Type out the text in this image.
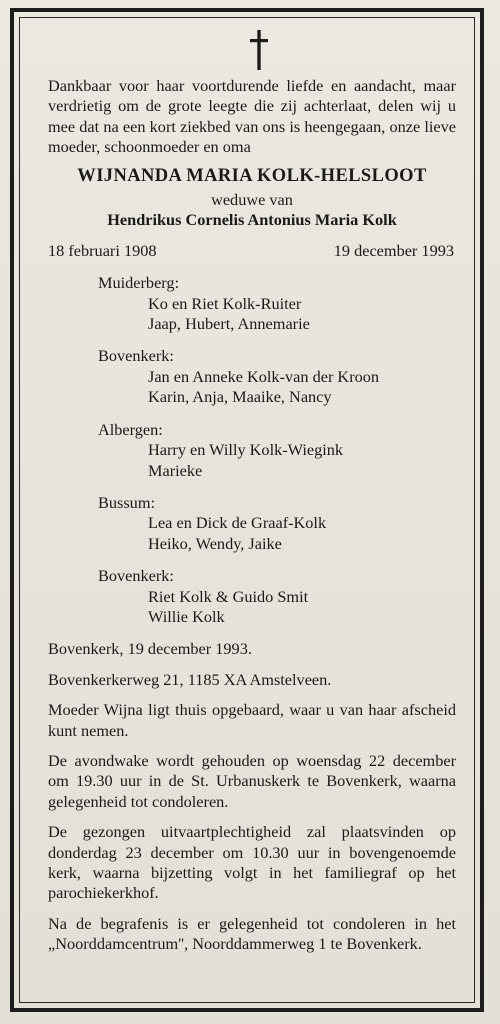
Dankbaar voor haar voortdurende liefde en aandacht, maar verdrietig om de grote leegte die zij achterlaat, delen wij u mee dat na een kort ziekbed van ons is heengegaan, onze lieve moeder, schoonmoeder en oma

WIJNANDA MARIA KOLK-HELSLOOT

weduwe van

Hendrikus Cornelis Antonius Maria Kolk

18 februari 1908	19 december 1993

Muiderberg:

Ko en Riet Kolk-Ruiter

Jaap, Hubert, Annemarie

Bovenkerk:

Jan en Anneke Kolk-van der Kroon

Karin, Anja, Maaike, Nancy

Albergen:

Harry en Willy Kolk-Wiegink

Marieke

Bussum:

Lea en Dick de Graaf-Kolk

Heiko, Wendy, Jaike

Bovenkerk:

Riet Kolk & Guido Smit

Willie Kolk

Bovenkerk, 19 december 1993.

Bovenkerkerweg 21, 1185 XA Amstelveen.

Moeder Wijna ligt thuis opgebaard, waar u van haar afscheid kunt nemen.

De avondwake wordt gehouden op woensdag 22 december om 19.30 uur in de St. Urbanuskerk te Bovenkerk, waarna gelegenheid tot condoleren.

De gezongen uitvaartplechtigheid zal plaatsvinden op donderdag 23 december om 10.30 uur in bovengenoemde kerk, waarna bijzetting volgt in het familiegraf op het parochiekerkhof.

Na de begrafenis is er gelegenheid tot condoleren in het „Noorddamcentrum'', Noorddammerweg 1 te Bovenkerk.
